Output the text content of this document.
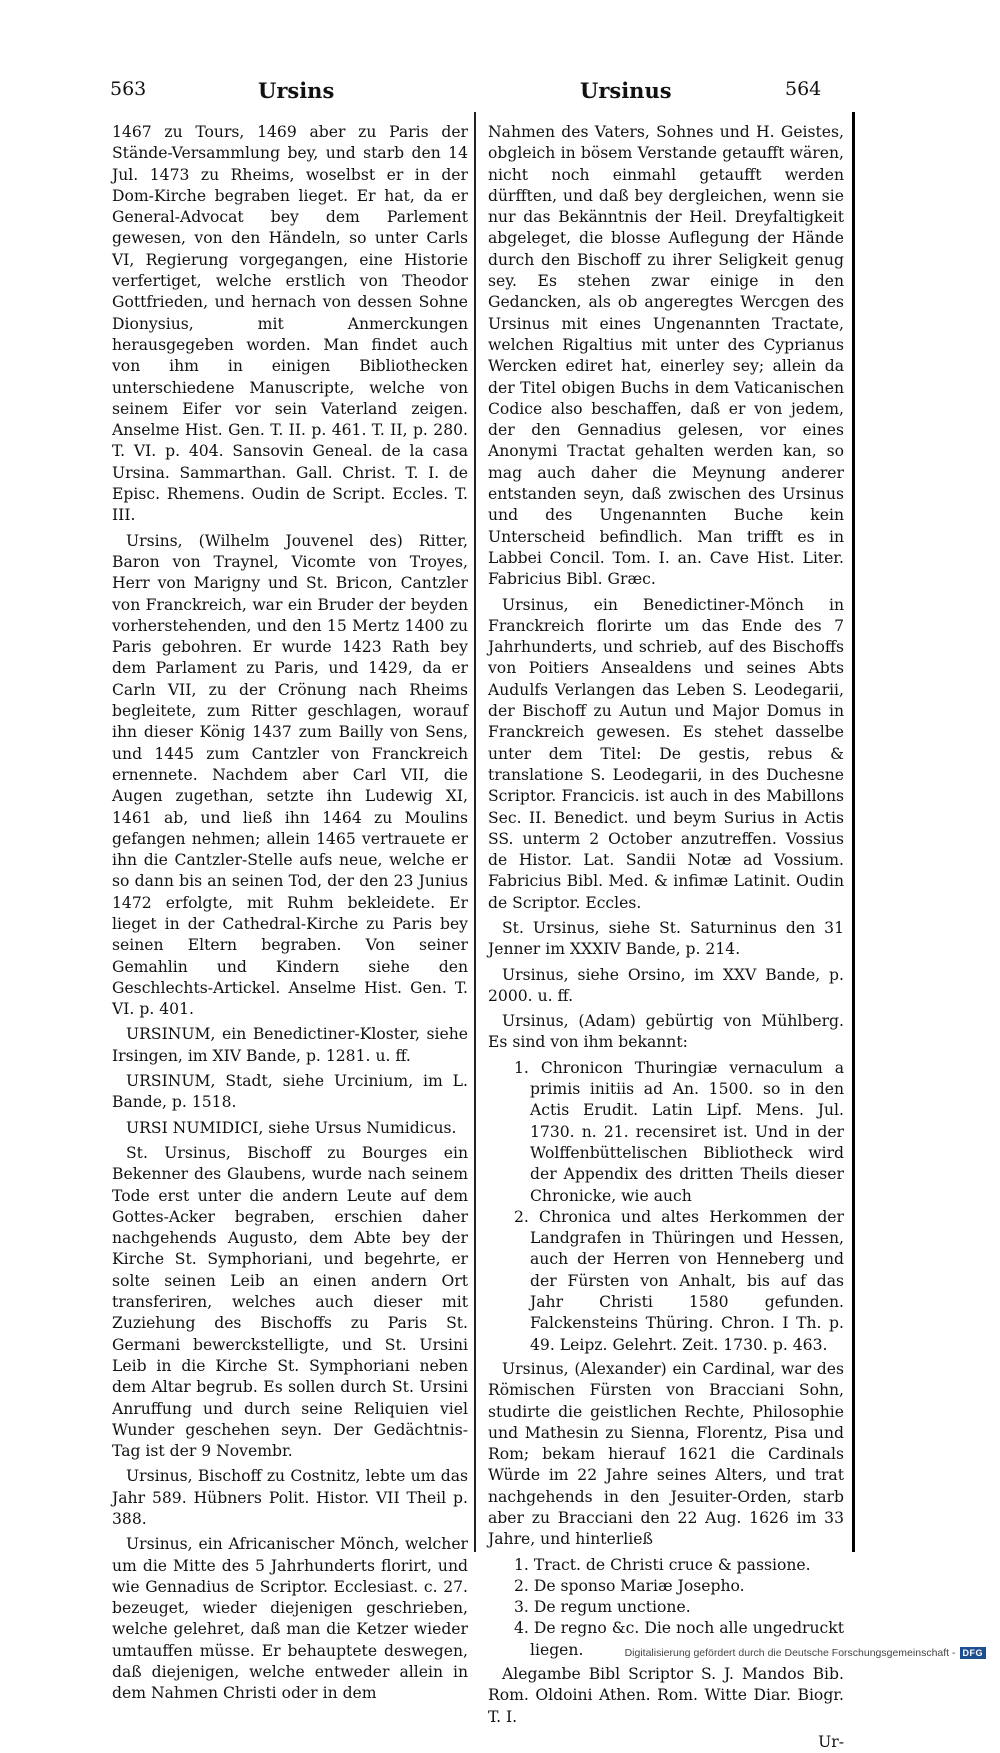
563	Ursins	Ursinus	564

1467 zu Tours, 1469 aber zu Paris der Stände-Versammlung bey, und starb den 14 Jul. 1473 zu Rheims, woselbst er in der Dom-Kirche begraben lieget. Er hat, da er General-Advocat bey dem Parlement gewesen, von den Händeln, so unter Carls VI, Regierung vorgegangen, eine Historie verfertiget, welche erstlich von Theodor Gottfrieden, und hernach von dessen Sohne Dionysius, mit Anmerckungen herausgegeben worden. Man findet auch von ihm in einigen Bibliothecken unterschiedene Manuscripte, welche von seinem Eifer vor sein Vaterland zeigen. Anselme Hist. Gen. T. II. p. 461. T. II, p. 280. T. VI. p. 404. Sansovin Geneal. de la casa Ursina. Sammarthan. Gall. Christ. T. I. de Episc. Rhemens. Oudin de Script. Eccles. T. III.

Ursins, (Wilhelm Jouvenel des) Ritter, Baron von Traynel, Vicomte von Troyes, Herr von Marigny und St. Bricon, Cantzler von Franckreich, war ein Bruder der beyden vorherstehenden, und den 15 Mertz 1400 zu Paris gebohren. Er wurde 1423 Rath bey dem Parlament zu Paris, und 1429, da er Carln VII, zu der Crönung nach Rheims begleitete, zum Ritter geschlagen, worauf ihn dieser König 1437 zum Bailly von Sens, und 1445 zum Cantzler von Franckreich ernennete. Nachdem aber Carl VII, die Augen zugethan, setzte ihn Ludewig XI, 1461 ab, und ließ ihn 1464 zu Moulins gefangen nehmen; allein 1465 vertrauete er ihn die Cantzler-Stelle aufs neue, welche er so dann bis an seinen Tod, der den 23 Junius 1472 erfolgte, mit Ruhm bekleidete. Er lieget in der Cathedral-Kirche zu Paris bey seinen Eltern begraben. Von seiner Gemahlin und Kindern siehe den Geschlechts-Artickel. Anselme Hist. Gen. T. VI. p. 401.

URSINUM, ein Benedictiner-Kloster, siehe Irsingen, im XIV Bande, p. 1281. u. ff.

URSINUM, Stadt, siehe Urcinium, im L. Bande, p. 1518.

URSI NUMIDICI, siehe Ursus Numidicus.

St. Ursinus, Bischoff zu Bourges ein Bekenner des Glaubens, wurde nach seinem Tode erst unter die andern Leute auf dem Gottes-Acker begraben, erschien daher nachgehends Augusto, dem Abte bey der Kirche St. Symphoriani, und begehrte, er solte seinen Leib an einen andern Ort transferiren, welches auch dieser mit Zuziehung des Bischoffs zu Paris St. Germani bewerckstelligte, und St. Ursini Leib in die Kirche St. Symphoriani neben dem Altar begrub. Es sollen durch St. Ursini Anruffung und durch seine Reliquien viel Wunder geschehen seyn. Der Gedächtnis-Tag ist der 9 Novembr.

Ursinus, Bischoff zu Costnitz, lebte um das Jahr 589. Hübners Polit. Histor. VII Theil p. 388.

Ursinus, ein Africanischer Mönch, welcher um die Mitte des 5 Jahrhunderts florirt, und wie Gennadius de Scriptor. Ecclesiast. c. 27. bezeuget, wieder diejenigen geschrieben, welche gelehret, daß man die Ketzer wieder umtauffen müsse. Er behauptete deswegen, daß diejenigen, welche entweder allein in dem Nahmen Christi oder in dem

Nahmen des Vaters, Sohnes und H. Geistes, obgleich in bösem Verstande getaufft wären, nicht noch einmahl getaufft werden dürfften, und daß bey dergleichen, wenn sie nur das Bekänntnis der Heil. Dreyfaltigkeit abgeleget, die blosse Auflegung der Hände durch den Bischoff zu ihrer Seligkeit genug sey. Es stehen zwar einige in den Gedancken, als ob angeregtes Wercgen des Ursinus mit eines Ungenannten Tractate, welchen Rigaltius mit unter des Cyprianus Wercken ediret hat, einerley sey; allein da der Titel obigen Buchs in dem Vaticanischen Codice also beschaffen, daß er von jedem, der den Gennadius gelesen, vor eines Anonymi Tractat gehalten werden kan, so mag auch daher die Meynung anderer entstanden seyn, daß zwischen des Ursinus und des Ungenannten Buche kein Unterscheid befindlich. Man trifft es in Labbei Concil. Tom. I. an. Cave Hist. Liter. Fabricius Bibl. Græc.

Ursinus, ein Benedictiner-Mönch in Franckreich florirte um das Ende des 7 Jahrhunderts, und schrieb, auf des Bischoffs von Poitiers Ansealdens und seines Abts Audulfs Verlangen das Leben S. Leodegarii, der Bischoff zu Autun und Major Domus in Franckreich gewesen. Es stehet dasselbe unter dem Titel: De gestis, rebus & translatione S. Leodegarii, in des Duchesne Scriptor. Francicis. ist auch in des Mabillons Sec. II. Benedict. und beym Surius in Actis SS. unterm 2 October anzutreffen. Vossius de Histor. Lat. Sandii Notæ ad Vossium. Fabricius Bibl. Med. & infimæ Latinit. Oudin de Scriptor. Eccles.

St. Ursinus, siehe St. Saturninus den 31 Jenner im XXXIV Bande, p. 214.

Ursinus, siehe Orsino, im XXV Bande, p. 2000. u. ff.

Ursinus, (Adam) gebürtig von Mühlberg. Es sind von ihm bekannt:

1. Chronicon Thuringiæ vernaculum a primis initiis ad An. 1500. so in den Actis Erudit. Latin Lipf. Mens. Jul. 1730. n. 21. recensiret ist. Und in der Wolffenbüttelischen Bibliotheck wird der Appendix des dritten Theils dieser Chronicke, wie auch

2. Chronica und altes Herkommen der Landgrafen in Thüringen und Hessen, auch der Herren von Henneberg und der Fürsten von Anhalt, bis auf das Jahr Christi 1580 gefunden. Falckensteins Thüring. Chron. I Th. p. 49. Leipz. Gelehrt. Zeit. 1730. p. 463.

Ursinus, (Alexander) ein Cardinal, war des Römischen Fürsten von Bracciani Sohn, studirte die geistlichen Rechte, Philosophie und Mathesin zu Sienna, Florentz, Pisa und Rom; bekam hierauf 1621 die Cardinals Würde im 22 Jahre seines Alters, und trat nachgehends in den Jesuiter-Orden, starb aber zu Bracciani den 22 Aug. 1626 im 33 Jahre, und hinterließ

1. Tract. de Christi cruce & passione.

2. De sponso Mariæ Josepho.

3. De regum unctione.

4. De regno &c. Die noch alle ungedruckt liegen.

Alegambe Bibl Scriptor S. J. Mandos Bib. Rom. Oldoini Athen. Rom. Witte Diar. Biogr. T. I.

Ur-

Digitalisierung gefördert durch die Deutsche Forschungsgemeinschaft - DFG
